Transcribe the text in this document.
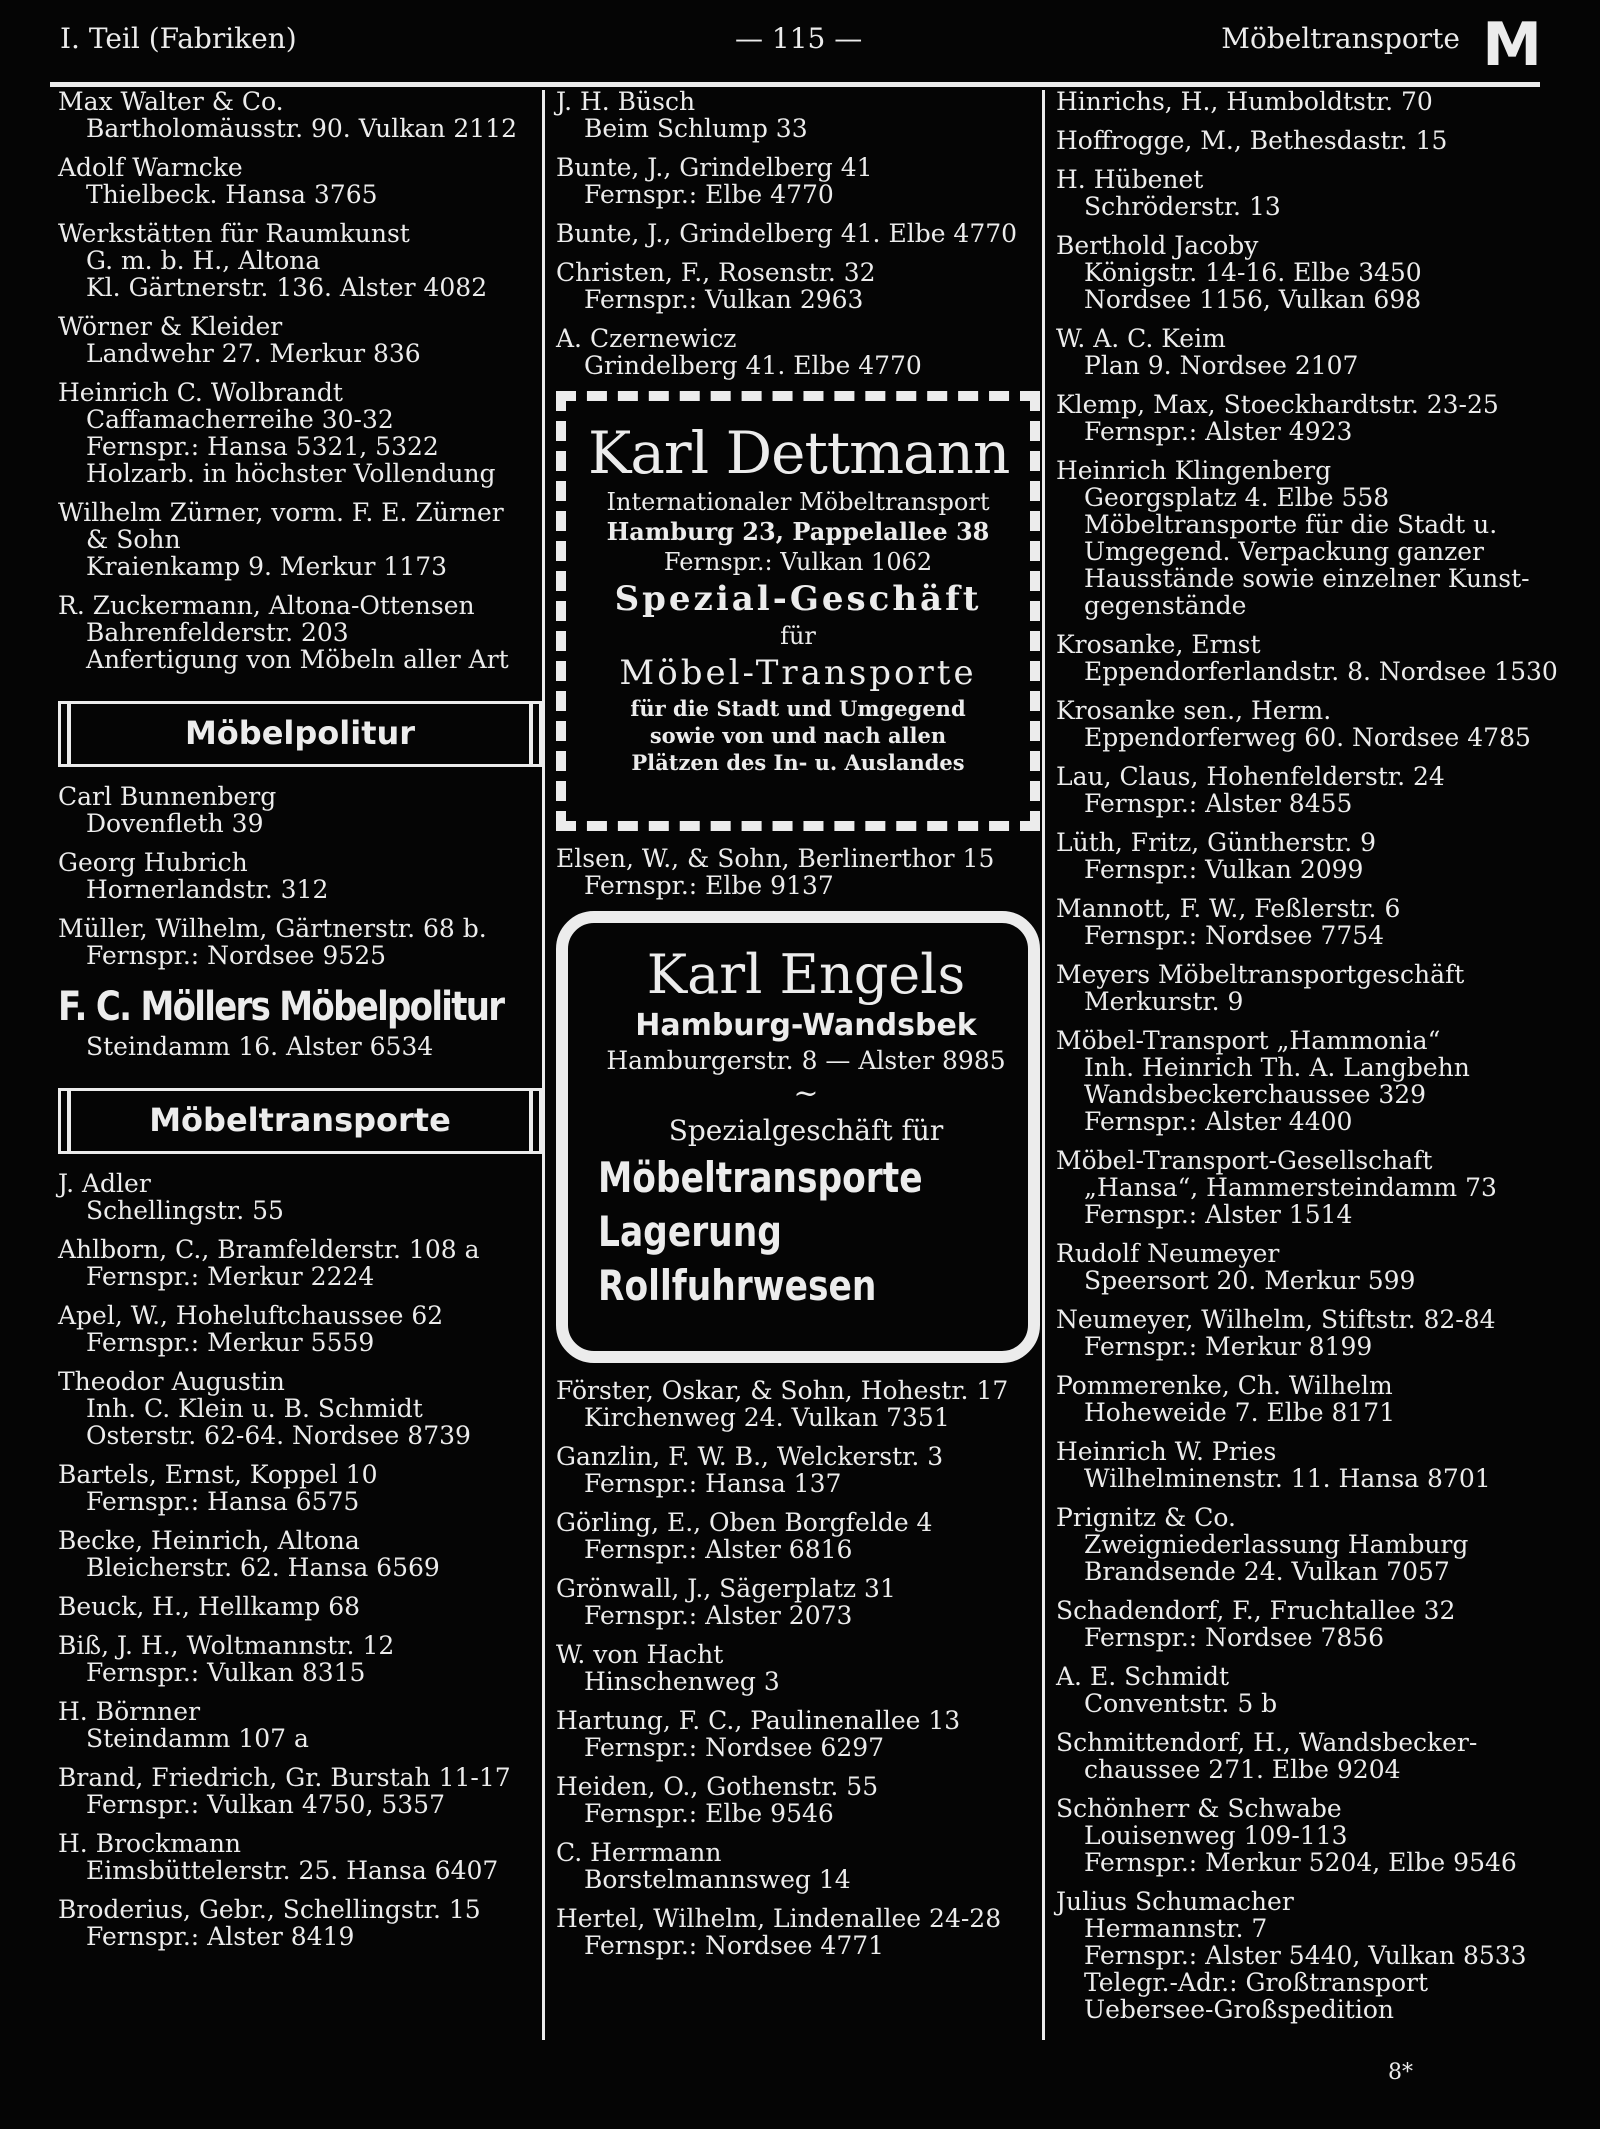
I. Teil (Fabriken)	— 115 —	Möbeltransporte M
Max Walter & Co.
Bartholomäusstr. 90. Vulkan 2112
Adolf Warncke
Thielbeck. Hansa 3765
Werkstätten für Raumkunst
G. m. b. H., Altona
Kl. Gärtnerstr. 136. Alster 4082
Wörner & Kleider
Landwehr 27. Merkur 836
Heinrich C. Wolbrandt
Caffamacherreihe 30-32
Fernspr.: Hansa 5321, 5322
Holzarb. in höchster Vollendung
Wilhelm Zürner, vorm. F. E. Zürner
& Sohn
Kraienkamp 9. Merkur 1173
R. Zuckermann, Altona-Ottensen
Bahrenfelderstr. 203
Anfertigung von Möbeln aller Art
Möbelpolitur
Carl Bunnenberg
Dovenfleth 39
Georg Hubrich
Hornerlandstr. 312
Müller, Wilhelm, Gärtnerstr. 68 b.
Fernspr.: Nordsee 9525
F. C. Möllers Möbelpolitur
Steindamm 16. Alster 6534
Möbeltransporte
J. Adler
Schellingstr. 55
Ahlborn, C., Bramfelderstr. 108 a
Fernspr.: Merkur 2224
Apel, W., Hoheluftchaussee 62
Fernspr.: Merkur 5559
Theodor Augustin
Inh. C. Klein u. B. Schmidt
Osterstr. 62-64. Nordsee 8739
Bartels, Ernst, Koppel 10
Fernspr.: Hansa 6575
Becke, Heinrich, Altona
Bleicherstr. 62. Hansa 6569
Beuck, H., Hellkamp 68
Biß, J. H., Woltmannstr. 12
Fernspr.: Vulkan 8315
H. Börnner
Steindamm 107 a
Brand, Friedrich, Gr. Burstah 11-17
Fernspr.: Vulkan 4750, 5357
H. Brockmann
Eimsbüttelerstr. 25. Hansa 6407
Broderius, Gebr., Schellingstr. 15
Fernspr.: Alster 8419
J. H. Büsch
Beim Schlump 33
Bunte, J., Grindelberg 41
Fernspr.: Elbe 4770
Bunte, J., Grindelberg 41. Elbe 4770
Christen, F., Rosenstr. 32
Fernspr.: Vulkan 2963
A. Czernewicz
Grindelberg 41. Elbe 4770
Karl Dettmann
Internationaler Möbeltransport
Hamburg 23, Pappelallee 38
Fernspr.: Vulkan 1062
Spezial-Geschäft
für
Möbel-Transporte
für die Stadt und Umgegend
sowie von und nach allen
Plätzen des In- u. Auslandes
Elsen, W., & Sohn, Berlinerthor 15
Fernspr.: Elbe 9137
Karl Engels
Hamburg-Wandsbek
Hamburgerstr. 8 — Alster 8985
~
Spezialgeschäft für
Möbeltransporte
Lagerung
Rollfuhrwesen
Förster, Oskar, & Sohn, Hohestr. 17
Kirchenweg 24. Vulkan 7351
Ganzlin, F. W. B., Welckerstr. 3
Fernspr.: Hansa 137
Görling, E., Oben Borgfelde 4
Fernspr.: Alster 6816
Grönwall, J., Sägerplatz 31
Fernspr.: Alster 2073
W. von Hacht
Hinschenweg 3
Hartung, F. C., Paulinenallee 13
Fernspr.: Nordsee 6297
Heiden, O., Gothenstr. 55
Fernspr.: Elbe 9546
C. Herrmann
Borstelmannsweg 14
Hertel, Wilhelm, Lindenallee 24-28
Fernspr.: Nordsee 4771
Hinrichs, H., Humboldtstr. 70
Hoffrogge, M., Bethesdastr. 15
H. Hübenet
Schröderstr. 13
Berthold Jacoby
Königstr. 14-16. Elbe 3450
Nordsee 1156, Vulkan 698
W. A. C. Keim
Plan 9. Nordsee 2107
Klemp, Max, Stoeckhardtstr. 23-25
Fernspr.: Alster 4923
Heinrich Klingenberg
Georgsplatz 4. Elbe 558
Möbeltransporte für die Stadt u.
Umgegend. Verpackung ganzer
Hausstände sowie einzelner Kunst-
gegenstände
Krosanke, Ernst
Eppendorferlandstr. 8. Nordsee 1530
Krosanke sen., Herm.
Eppendorferweg 60. Nordsee 4785
Lau, Claus, Hohenfelderstr. 24
Fernspr.: Alster 8455
Lüth, Fritz, Güntherstr. 9
Fernspr.: Vulkan 2099
Mannott, F. W., Feßlerstr. 6
Fernspr.: Nordsee 7754
Meyers Möbeltransportgeschäft
Merkurstr. 9
Möbel-Transport „Hammonia“
Inh. Heinrich Th. A. Langbehn
Wandsbeckerchaussee 329
Fernspr.: Alster 4400
Möbel-Transport-Gesellschaft
„Hansa“, Hammersteindamm 73
Fernspr.: Alster 1514
Rudolf Neumeyer
Speersort 20. Merkur 599
Neumeyer, Wilhelm, Stiftstr. 82-84
Fernspr.: Merkur 8199
Pommerenke, Ch. Wilhelm
Hoheweide 7. Elbe 8171
Heinrich W. Pries
Wilhelminenstr. 11. Hansa 8701
Prignitz & Co.
Zweigniederlassung Hamburg
Brandsende 24. Vulkan 7057
Schadendorf, F., Fruchtallee 32
Fernspr.: Nordsee 7856
A. E. Schmidt
Conventstr. 5 b
Schmittendorf, H., Wandsbecker-
chaussee 271. Elbe 9204
Schönherr & Schwabe
Louisenweg 109-113
Fernspr.: Merkur 5204, Elbe 9546
Julius Schumacher
Hermannstr. 7
Fernspr.: Alster 5440, Vulkan 8533
Telegr.-Adr.: Großtransport
Uebersee-Großspedition
8*
